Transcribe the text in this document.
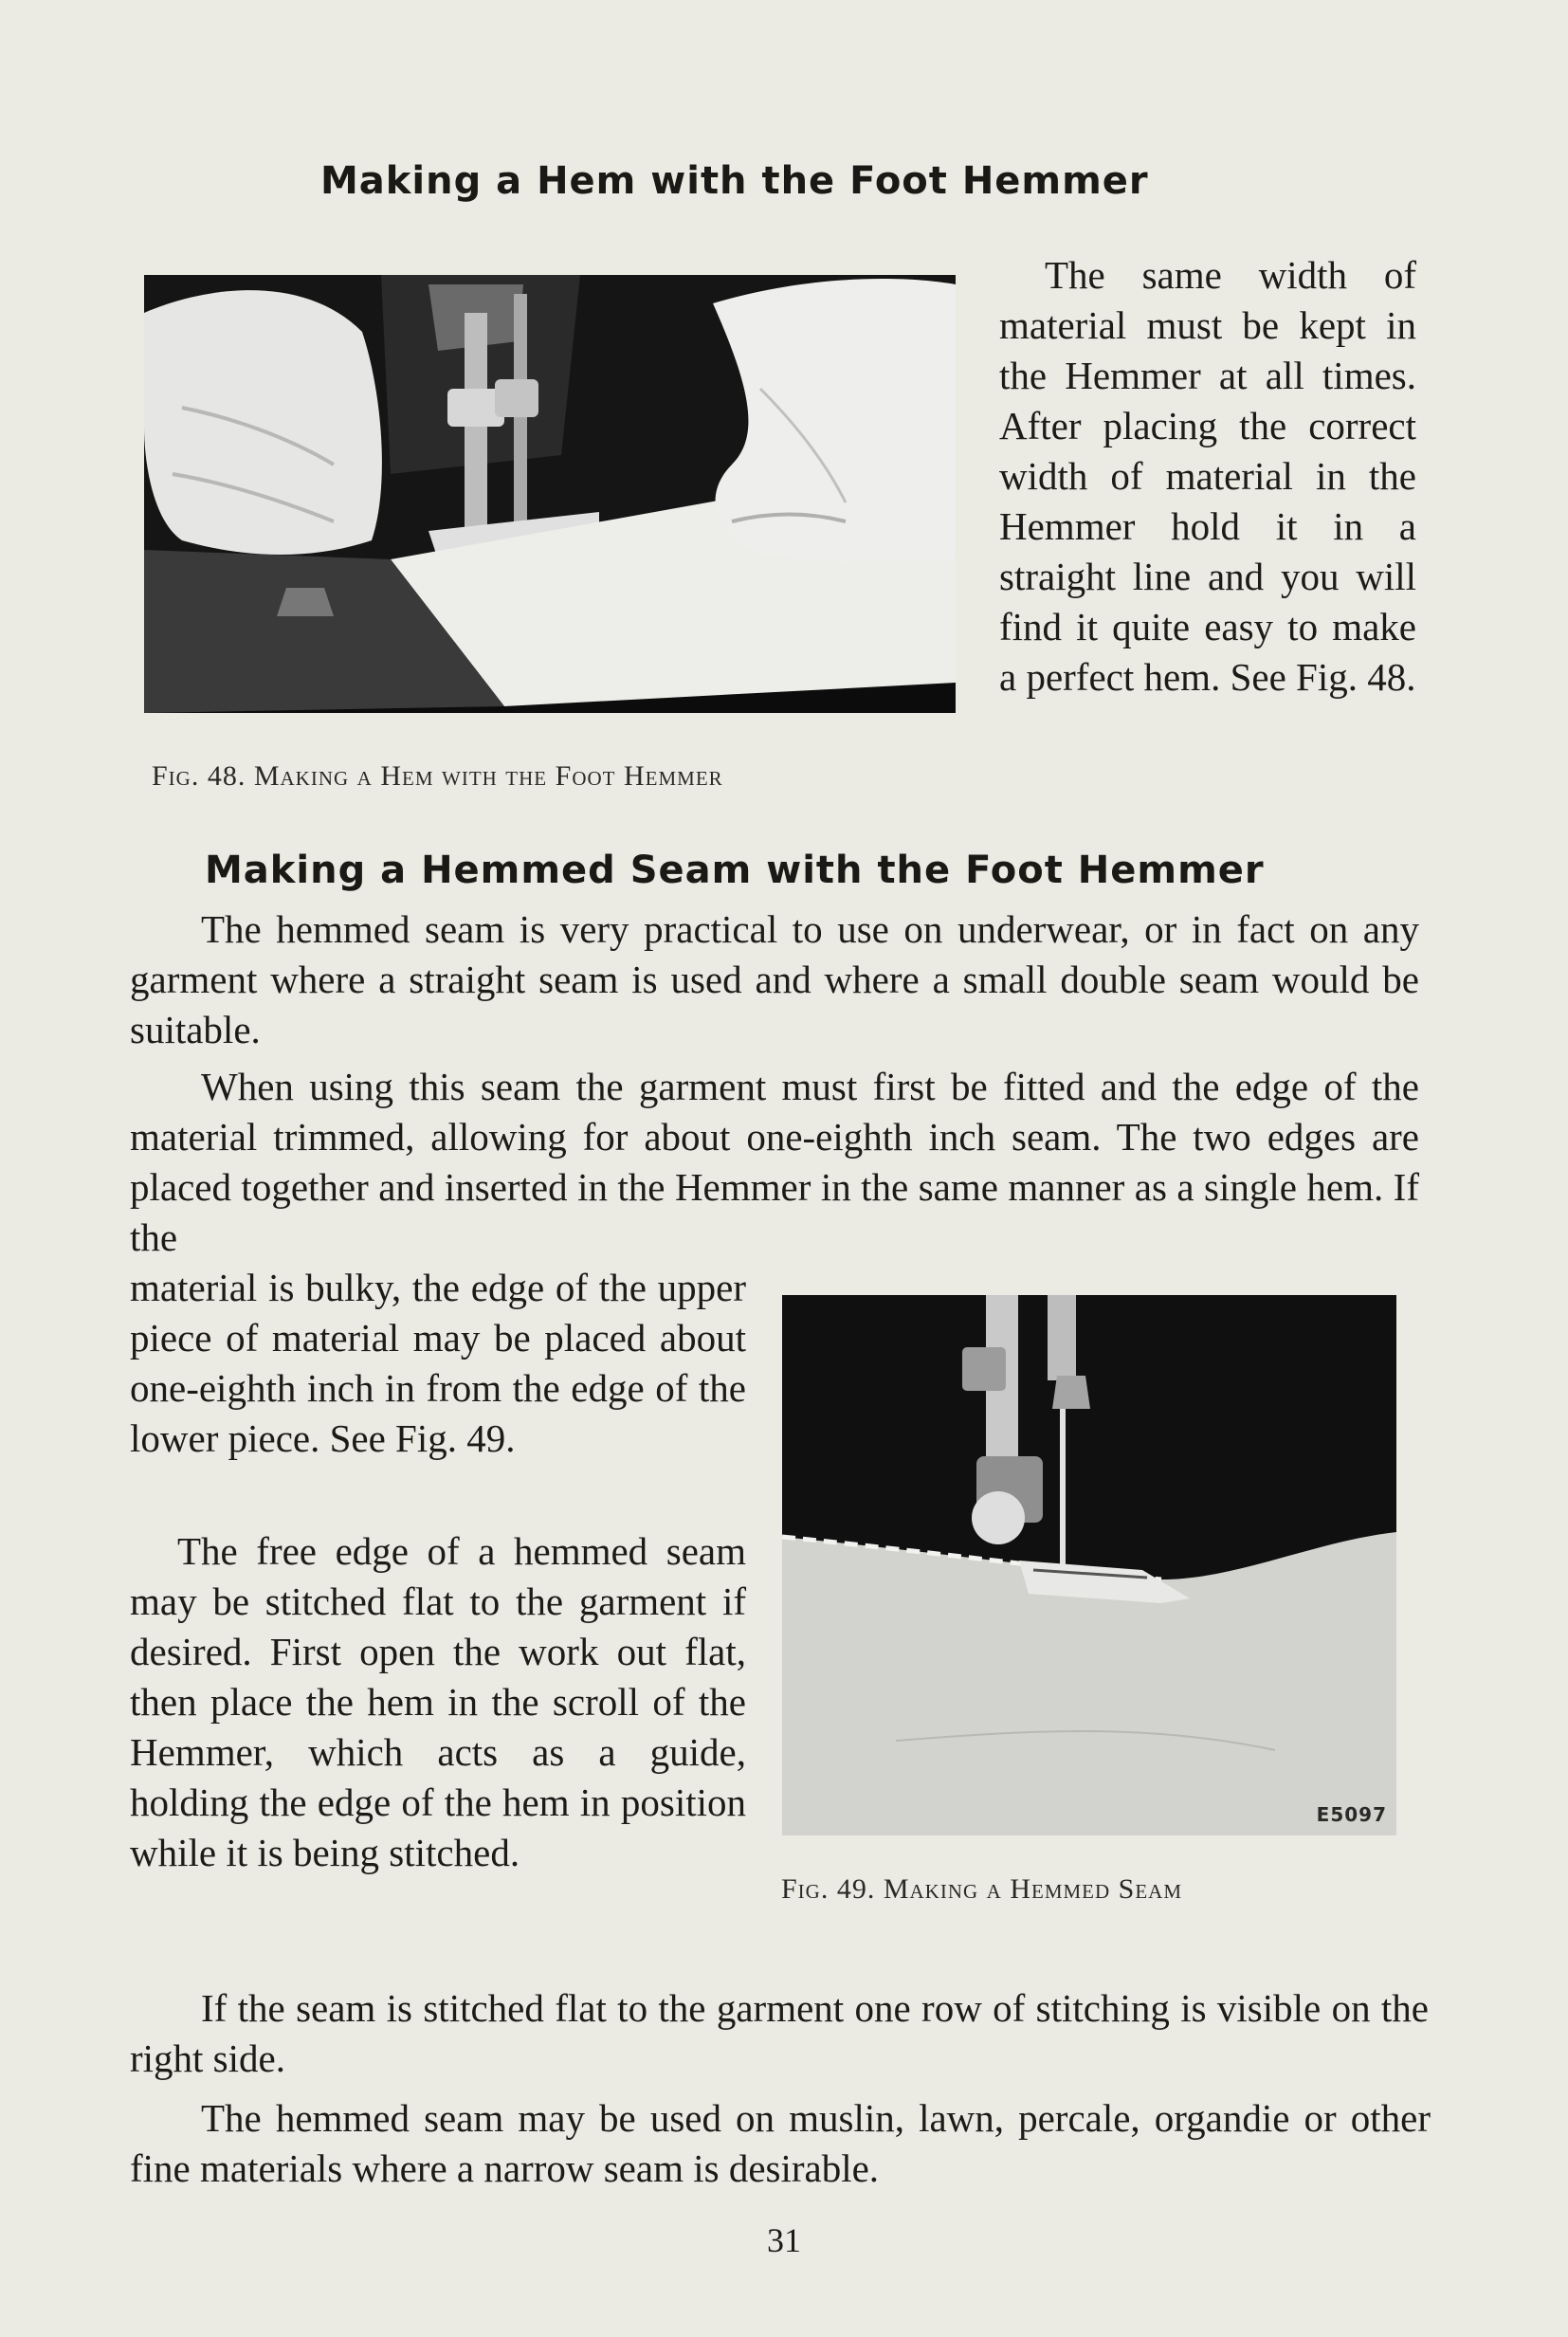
Making a Hem with the Foot Hemmer

The same width of material must be kept in the Hemmer at all times. After placing the correct width of material in the Hemmer hold it in a straight line and you will find it quite easy to make a perfect hem. See Fig. 48.

Fig. 48. Making a Hem with the Foot Hemmer
Making a Hemmed Seam with the Foot Hemmer

The hemmed seam is very practical to use on underwear, or in fact on any garment where a straight seam is used and where a small double seam would be suitable.

When using this seam the garment must first be fitted and the edge of the material trimmed, allowing for about one-eighth inch seam. The two edges are placed together and inserted in the Hemmer in the same manner as a single hem. If the

material is bulky, the edge of the upper piece of material may be placed about one-eighth inch in from the edge of the lower piece. See Fig. 49.

The free edge of a hemmed seam may be stitched flat to the garment if desired. First open the work out flat, then place the hem in the scroll of the Hemmer, which acts as a guide, holding the edge of the hem in position while it is being stitched.

E5097
Fig. 49. Making a Hemmed Seam

If the seam is stitched flat to the garment one row of stitching is visible on the right side.

The hemmed seam may be used on muslin, lawn, percale, organdie or other fine materials where a narrow seam is desirable.

31
